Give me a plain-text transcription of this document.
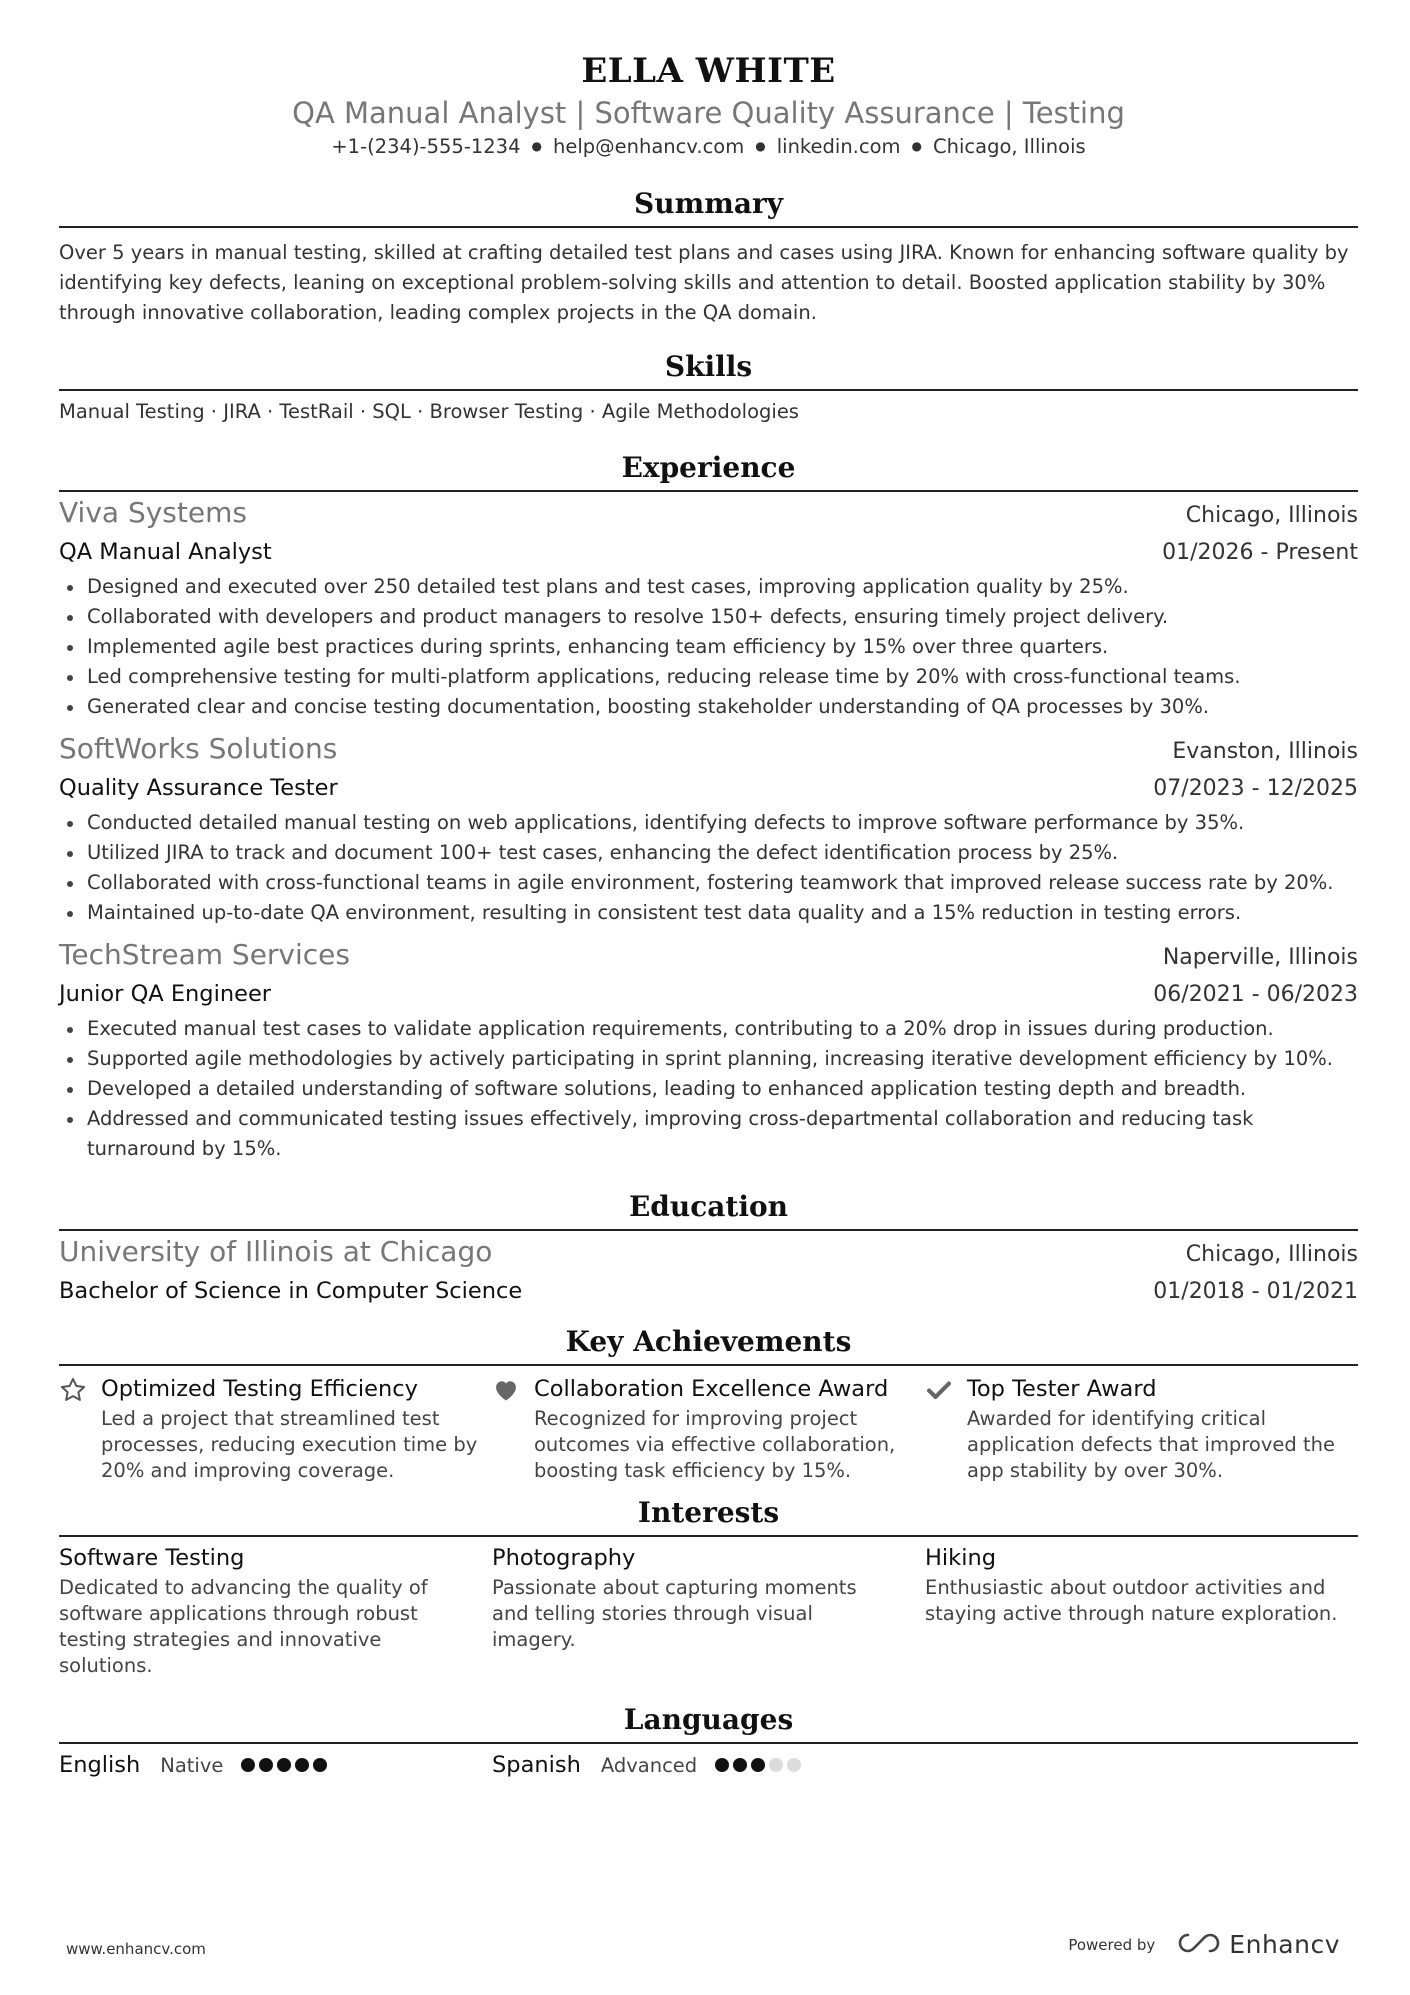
ELLA WHITE
QA Manual Analyst | Software Quality Assurance | Testing
+1-(234)-555-1234 ● help@enhancv.com ● linkedin.com ● Chicago, Illinois
Summary
Over 5 years in manual testing, skilled at crafting detailed test plans and cases using JIRA. Known for enhancing software quality by identifying key defects, leaning on exceptional problem-solving skills and attention to detail. Boosted application stability by 30% through innovative collaboration, leading complex projects in the QA domain.
Skills
Manual Testing · JIRA · TestRail · SQL · Browser Testing · Agile Methodologies
Experience
Viva Systems	Chicago, Illinois
QA Manual Analyst	01/2026 - Present
Designed and executed over 250 detailed test plans and test cases, improving application quality by 25%.
Collaborated with developers and product managers to resolve 150+ defects, ensuring timely project delivery.
Implemented agile best practices during sprints, enhancing team efficiency by 15% over three quarters.
Led comprehensive testing for multi-platform applications, reducing release time by 20% with cross-functional teams.
Generated clear and concise testing documentation, boosting stakeholder understanding of QA processes by 30%.
SoftWorks Solutions	Evanston, Illinois
Quality Assurance Tester	07/2023 - 12/2025
Conducted detailed manual testing on web applications, identifying defects to improve software performance by 35%.
Utilized JIRA to track and document 100+ test cases, enhancing the defect identification process by 25%.
Collaborated with cross-functional teams in agile environment, fostering teamwork that improved release success rate by 20%.
Maintained up-to-date QA environment, resulting in consistent test data quality and a 15% reduction in testing errors.
TechStream Services	Naperville, Illinois
Junior QA Engineer	06/2021 - 06/2023
Executed manual test cases to validate application requirements, contributing to a 20% drop in issues during production.
Supported agile methodologies by actively participating in sprint planning, increasing iterative development efficiency by 10%.
Developed a detailed understanding of software solutions, leading to enhanced application testing depth and breadth.
Addressed and communicated testing issues effectively, improving cross-departmental collaboration and reducing task turnaround by 15%.
Education
University of Illinois at Chicago	Chicago, Illinois
Bachelor of Science in Computer Science	01/2018 - 01/2021
Key Achievements
Optimized Testing Efficiency
Led a project that streamlined test processes, reducing execution time by 20% and improving coverage.
Collaboration Excellence Award
Recognized for improving project outcomes via effective collaboration, boosting task efficiency by 15%.
Top Tester Award
Awarded for identifying critical application defects that improved the app stability by over 30%.
Interests
Software Testing
Dedicated to advancing the quality of software applications through robust testing strategies and innovative solutions.
Photography
Passionate about capturing moments and telling stories through visual imagery.
Hiking
Enthusiastic about outdoor activities and staying active through nature exploration.
Languages
English Native	Spanish Advanced
www.enhancv.com	Powered by	Enhancv
